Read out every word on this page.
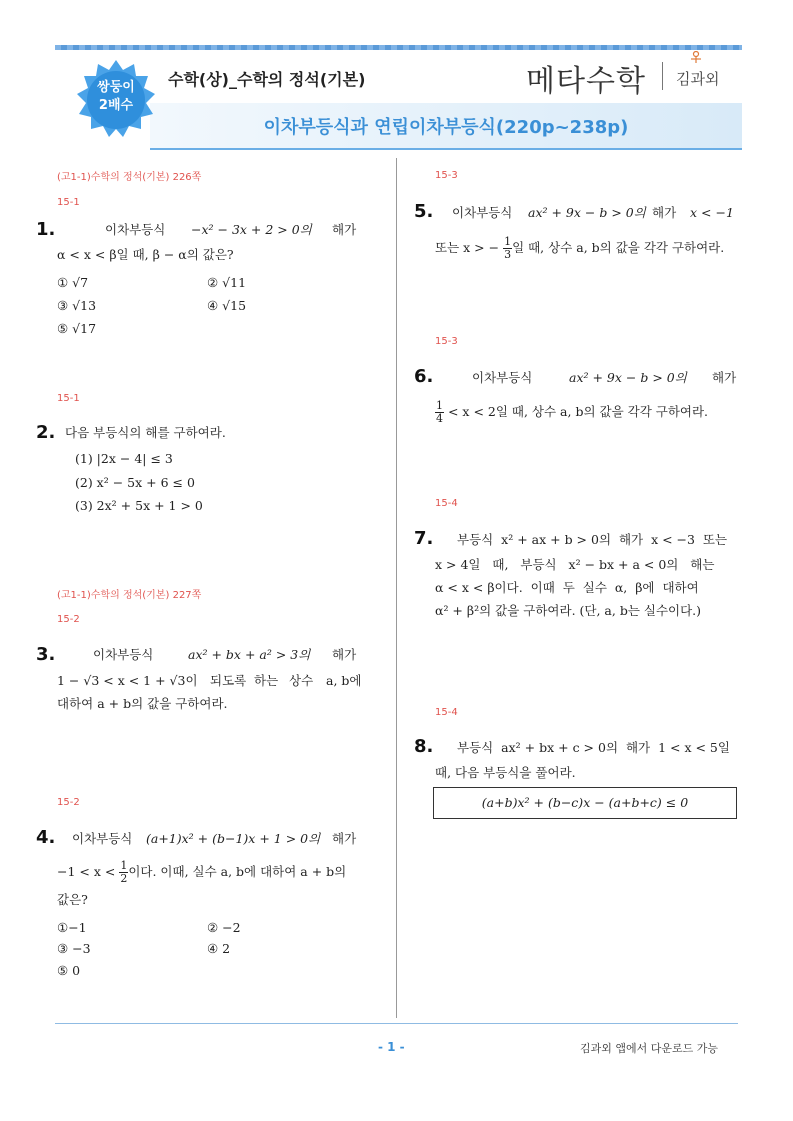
쌍둥이
2배수
수학(상)_수학의 정석(기본)	메타수학 김과외
이차부등식과 연립이차부등식(220p~238p)
(고1-1)수학의 정석(기본) 226쪽
15-1
1.	이차부등식 −x² − 3x + 2 > 0의 해가
α < x < β일 때, β − α의 값은?
① √7	② √11
③ √13	④ √15
⑤ √17
15-1
2. 다음 부등식의 해를 구하여라.
(1) |2x − 4| ≤ 3
(2) x² − 5x + 6 ≤ 0
(3) 2x² + 5x + 1 > 0
(고1-1)수학의 정석(기본) 227쪽
15-2
3.	이차부등식	ax² + bx + a² > 3의 해가
1 − √3 < x < 1 + √3이 되도록 하는 상수 a, b에
대하여 a + b의 값을 구하여라.
15-2
4. 이차부등식 (a+1)x² + (b−1)x + 1 > 0의 해가
$-1 < x < \frac{1}{2}$ 이다. 이때, 실수 a, b에 대하여 a + b의
값은?
①−1	② −2
③ −3	④ 2
⑤ 0
15-3
5. 이차부등식 ax² + 9x − b > 0의 해가 x < −1
또는 x > − $\frac{1}{3}$ 일 때, 상수 a, b의 값을 각각 구하여라.
15-3
6.	이차부등식	ax² + 9x − b > 0의 해가
$\frac{1}{4} < x < 2$일 때, 상수 a, b의 값을 각각 구하여라.
15-4
7. 부등식  x² + ax + b > 0의  해가  x < −3  또는
x > 4일   때,   부등식   x² − bx + a < 0의   해는
α < x < β이다.  이때  두  실수  α,  β에  대하여
α² + β²의 값을 구하여라. (단, a, b는 실수이다.)
15-4
8. 부등식  ax² + bx + c > 0의  해가  1 < x < 5일
때, 다음 부등식을 풀어라.
(a+b)x² + (b−c)x − (a+b+c) ≤ 0
- 1 -	김과외 앱에서 다운로드 가능
